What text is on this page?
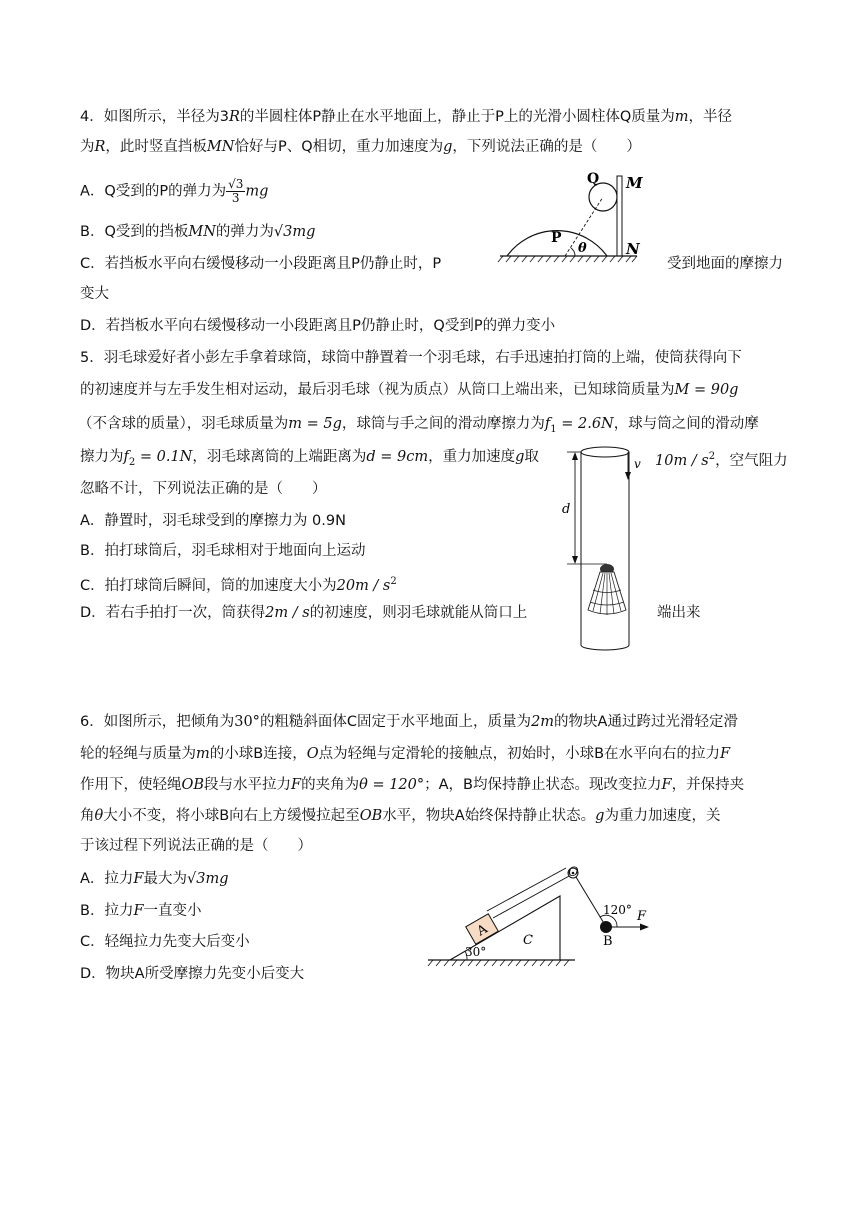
4．如图所示，半径为3R的半圆柱体P静止在水平地面上，静止于P上的光滑小圆柱体Q质量为m，半径
为R，此时竖直挡板MN恰好与P、Q相切，重力加速度为g，下列说法正确的是（　　）
A．Q受到的P的弹力为 $\frac{√3}{3}$ mg
B．Q受到的挡板MN的弹力为√3mg
C．若挡板水平向右缓慢移动一小段距离且P仍静止时，P	受到地面的摩擦力
变大
D．若挡板水平向右缓慢移动一小段距离且P仍静止时，Q受到P的弹力变小
Q M
P
θ	N
5．羽毛球爱好者小彭左手拿着球筒，球筒中静置着一个羽毛球，右手迅速拍打筒的上端，使筒获得向下
的初速度并与左手发生相对运动，最后羽毛球（视为质点）从筒口上端出来，已知球筒质量为M = 90g
（不含球的质量），羽毛球质量为m = 5g，球筒与手之间的滑动摩擦力为$f_1 = 2.6N$，球与筒之间的滑动摩
擦力为$f_2 = 0.1N$，羽毛球离筒的上端距离为d = 9cm，重力加速度g取	$10m / s^2$，空气阻力
忽略不计，下列说法正确的是（　　）
A．静置时，羽毛球受到的摩擦力为 0.9N
B．拍打球筒后，羽毛球相对于地面向上运动
C．拍打球筒后瞬间，筒的加速度大小为$20m / s^2$
D．若右手拍打一次，筒获得2m / s的初速度，则羽毛球就能从筒口上	端出来
d
v
6．如图所示，把倾角为30°的粗糙斜面体C固定于水平地面上，质量为2m的物块A通过跨过光滑轻定滑
轮的轻绳与质量为m的小球B连接，O点为轻绳与定滑轮的接触点，初始时，小球B在水平向右的拉力F
作用下，使轻绳OB段与水平拉力F的夹角为θ = 120°；A，B均保持静止状态。现改变拉力F，并保持夹
角θ大小不变，将小球B向右上方缓慢拉起至OB水平，物块A始终保持静止状态。g为重力加速度，关
于该过程下列说法正确的是（　　）
A．拉力F最大为√3mg
B．拉力F一直变小
C．轻绳拉力先变大后变小
D．物块A所受摩擦力先变小后变大
30°
A
F
120°
B
C
O
